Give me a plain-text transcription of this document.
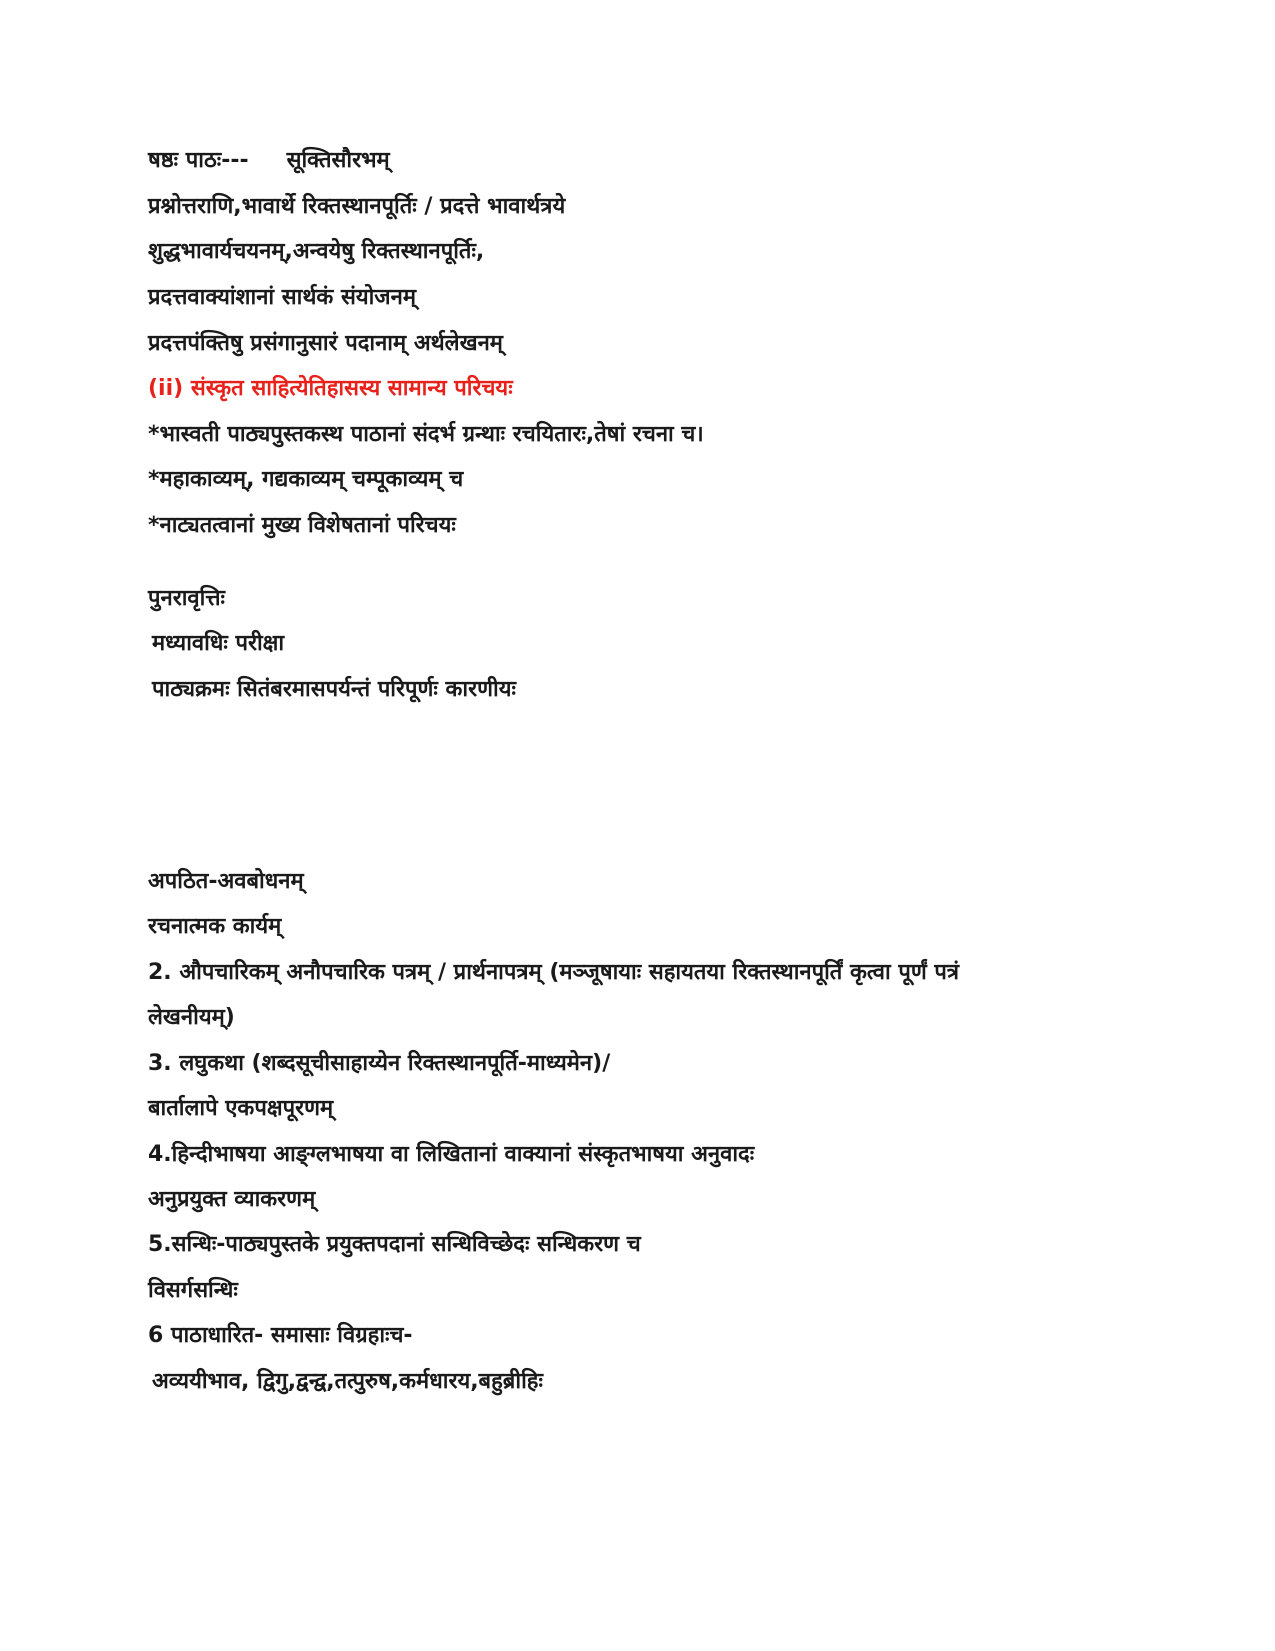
षष्ठः पाठः--- सूक्तिसौरभम्
प्रश्नोत्तराणि,भावार्थे रिक्तस्थानपूर्तिः / प्रदत्ते भावार्थत्रये
शुद्धभावार्यचयनम्,अन्वयेषु रिक्तस्थानपूर्तिः,
प्रदत्तवाक्यांशानां सार्थकं संयोजनम्
प्रदत्तपंक्तिषु प्रसंगानुसारं पदानाम् अर्थलेखनम्
(ii) संस्कृत साहित्येतिहासस्य सामान्य परिचयः
*भास्वती पाठ्यपुस्तकस्थ पाठानां संदर्भ ग्रन्थाः रचयितारः,तेषां रचना च।
*महाकाव्यम्, गद्यकाव्यम् चम्पूकाव्यम् च
*नाट्यतत्वानां मुख्य विशेषतानां परिचयः
पुनरावृत्तिः
मध्यावधिः परीक्षा
पाठ्यक्रमः सितंबरमासपर्यन्तं परिपूर्णः कारणीयः
अपठित-अवबोधनम्
रचनात्मक कार्यम्
2. औपचारिकम् अनौपचारिक पत्रम् / प्रार्थनापत्रम् (मञ्जूषायाः सहायतया रिक्तस्थानपूर्तिं कृत्वा पूर्णं पत्रं
लेखनीयम्)
3. लघुकथा (शब्दसूचीसाहाय्येन रिक्तस्थानपूर्ति-माध्यमेन)/
बार्तालापे एकपक्षपूरणम्
4.हिन्दीभाषया आङ्ग्लभाषया वा लिखितानां वाक्यानां संस्कृतभाषया अनुवादः
अनुप्रयुक्त व्याकरणम्
5.सन्धिः-पाठ्यपुस्तके प्रयुक्तपदानां सन्धिविच्छेदः सन्धिकरण च
विसर्गसन्धिः
6 पाठाधारित- समासाः विग्रहाःच-
अव्ययीभाव, द्विगु,द्वन्द्व,तत्पुरुष,कर्मधारय,बहुब्रीहिः
